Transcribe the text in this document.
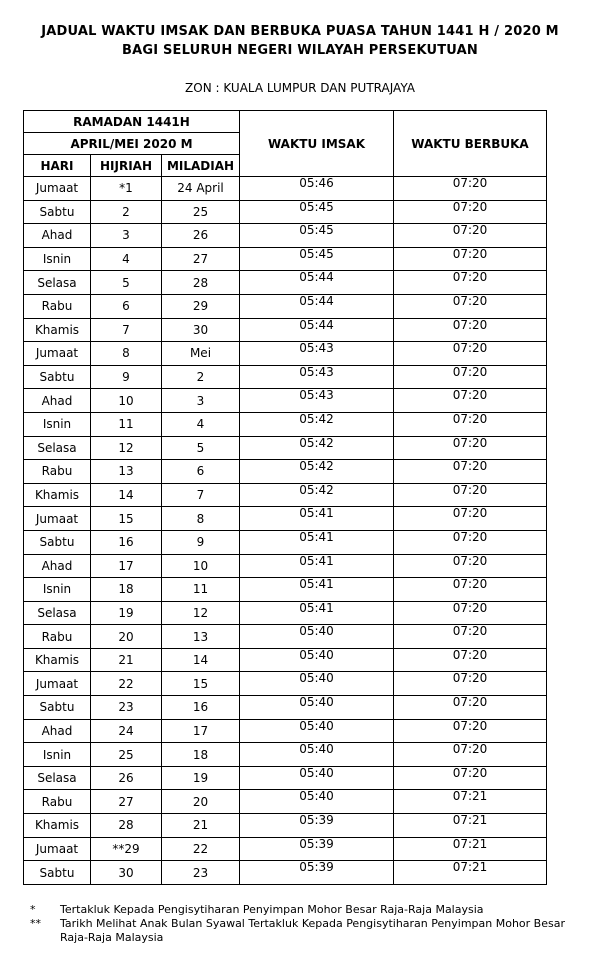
JADUAL WAKTU IMSAK DAN BERBUKA PUASA TAHUN 1441 H / 2020 M
BAGI SELURUH NEGERI WILAYAH PERSEKUTUAN
ZON : KUALA LUMPUR DAN PUTRAJAYA
RAMADAN 1441H			WAKTU IMSAK	WAKTU BERBUKA
APRIL/MEI 2020 M				
HARI	HIJRIAH	MILADIAH		
Jumaat	*1	24 April	05:46	07:20
Sabtu	2	25	05:45	07:20
Ahad	3	26	05:45	07:20
Isnin	4	27	05:45	07:20
Selasa	5	28	05:44	07:20
Rabu	6	29	05:44	07:20
Khamis	7	30	05:44	07:20
Jumaat	8	Mei	05:43	07:20
Sabtu	9	2	05:43	07:20
Ahad	10	3	05:43	07:20
Isnin	11	4	05:42	07:20
Selasa	12	5	05:42	07:20
Rabu	13	6	05:42	07:20
Khamis	14	7	05:42	07:20
Jumaat	15	8	05:41	07:20
Sabtu	16	9	05:41	07:20
Ahad	17	10	05:41	07:20
Isnin	18	11	05:41	07:20
Selasa	19	12	05:41	07:20
Rabu	20	13	05:40	07:20
Khamis	21	14	05:40	07:20
Jumaat	22	15	05:40	07:20
Sabtu	23	16	05:40	07:20
Ahad	24	17	05:40	07:20
Isnin	25	18	05:40	07:20
Selasa	26	19	05:40	07:20
Rabu	27	20	05:40	07:21
Khamis	28	21	05:39	07:21
Jumaat	**29	22	05:39	07:21
Sabtu	30	23	05:39	07:21
*	Tertakluk Kepada Pengisytiharan Penyimpan Mohor Besar Raja-Raja Malaysia
**	Tarikh Melihat Anak Bulan Syawal Tertakluk Kepada Pengisytiharan Penyimpan Mohor Besar Raja-Raja Malaysia
